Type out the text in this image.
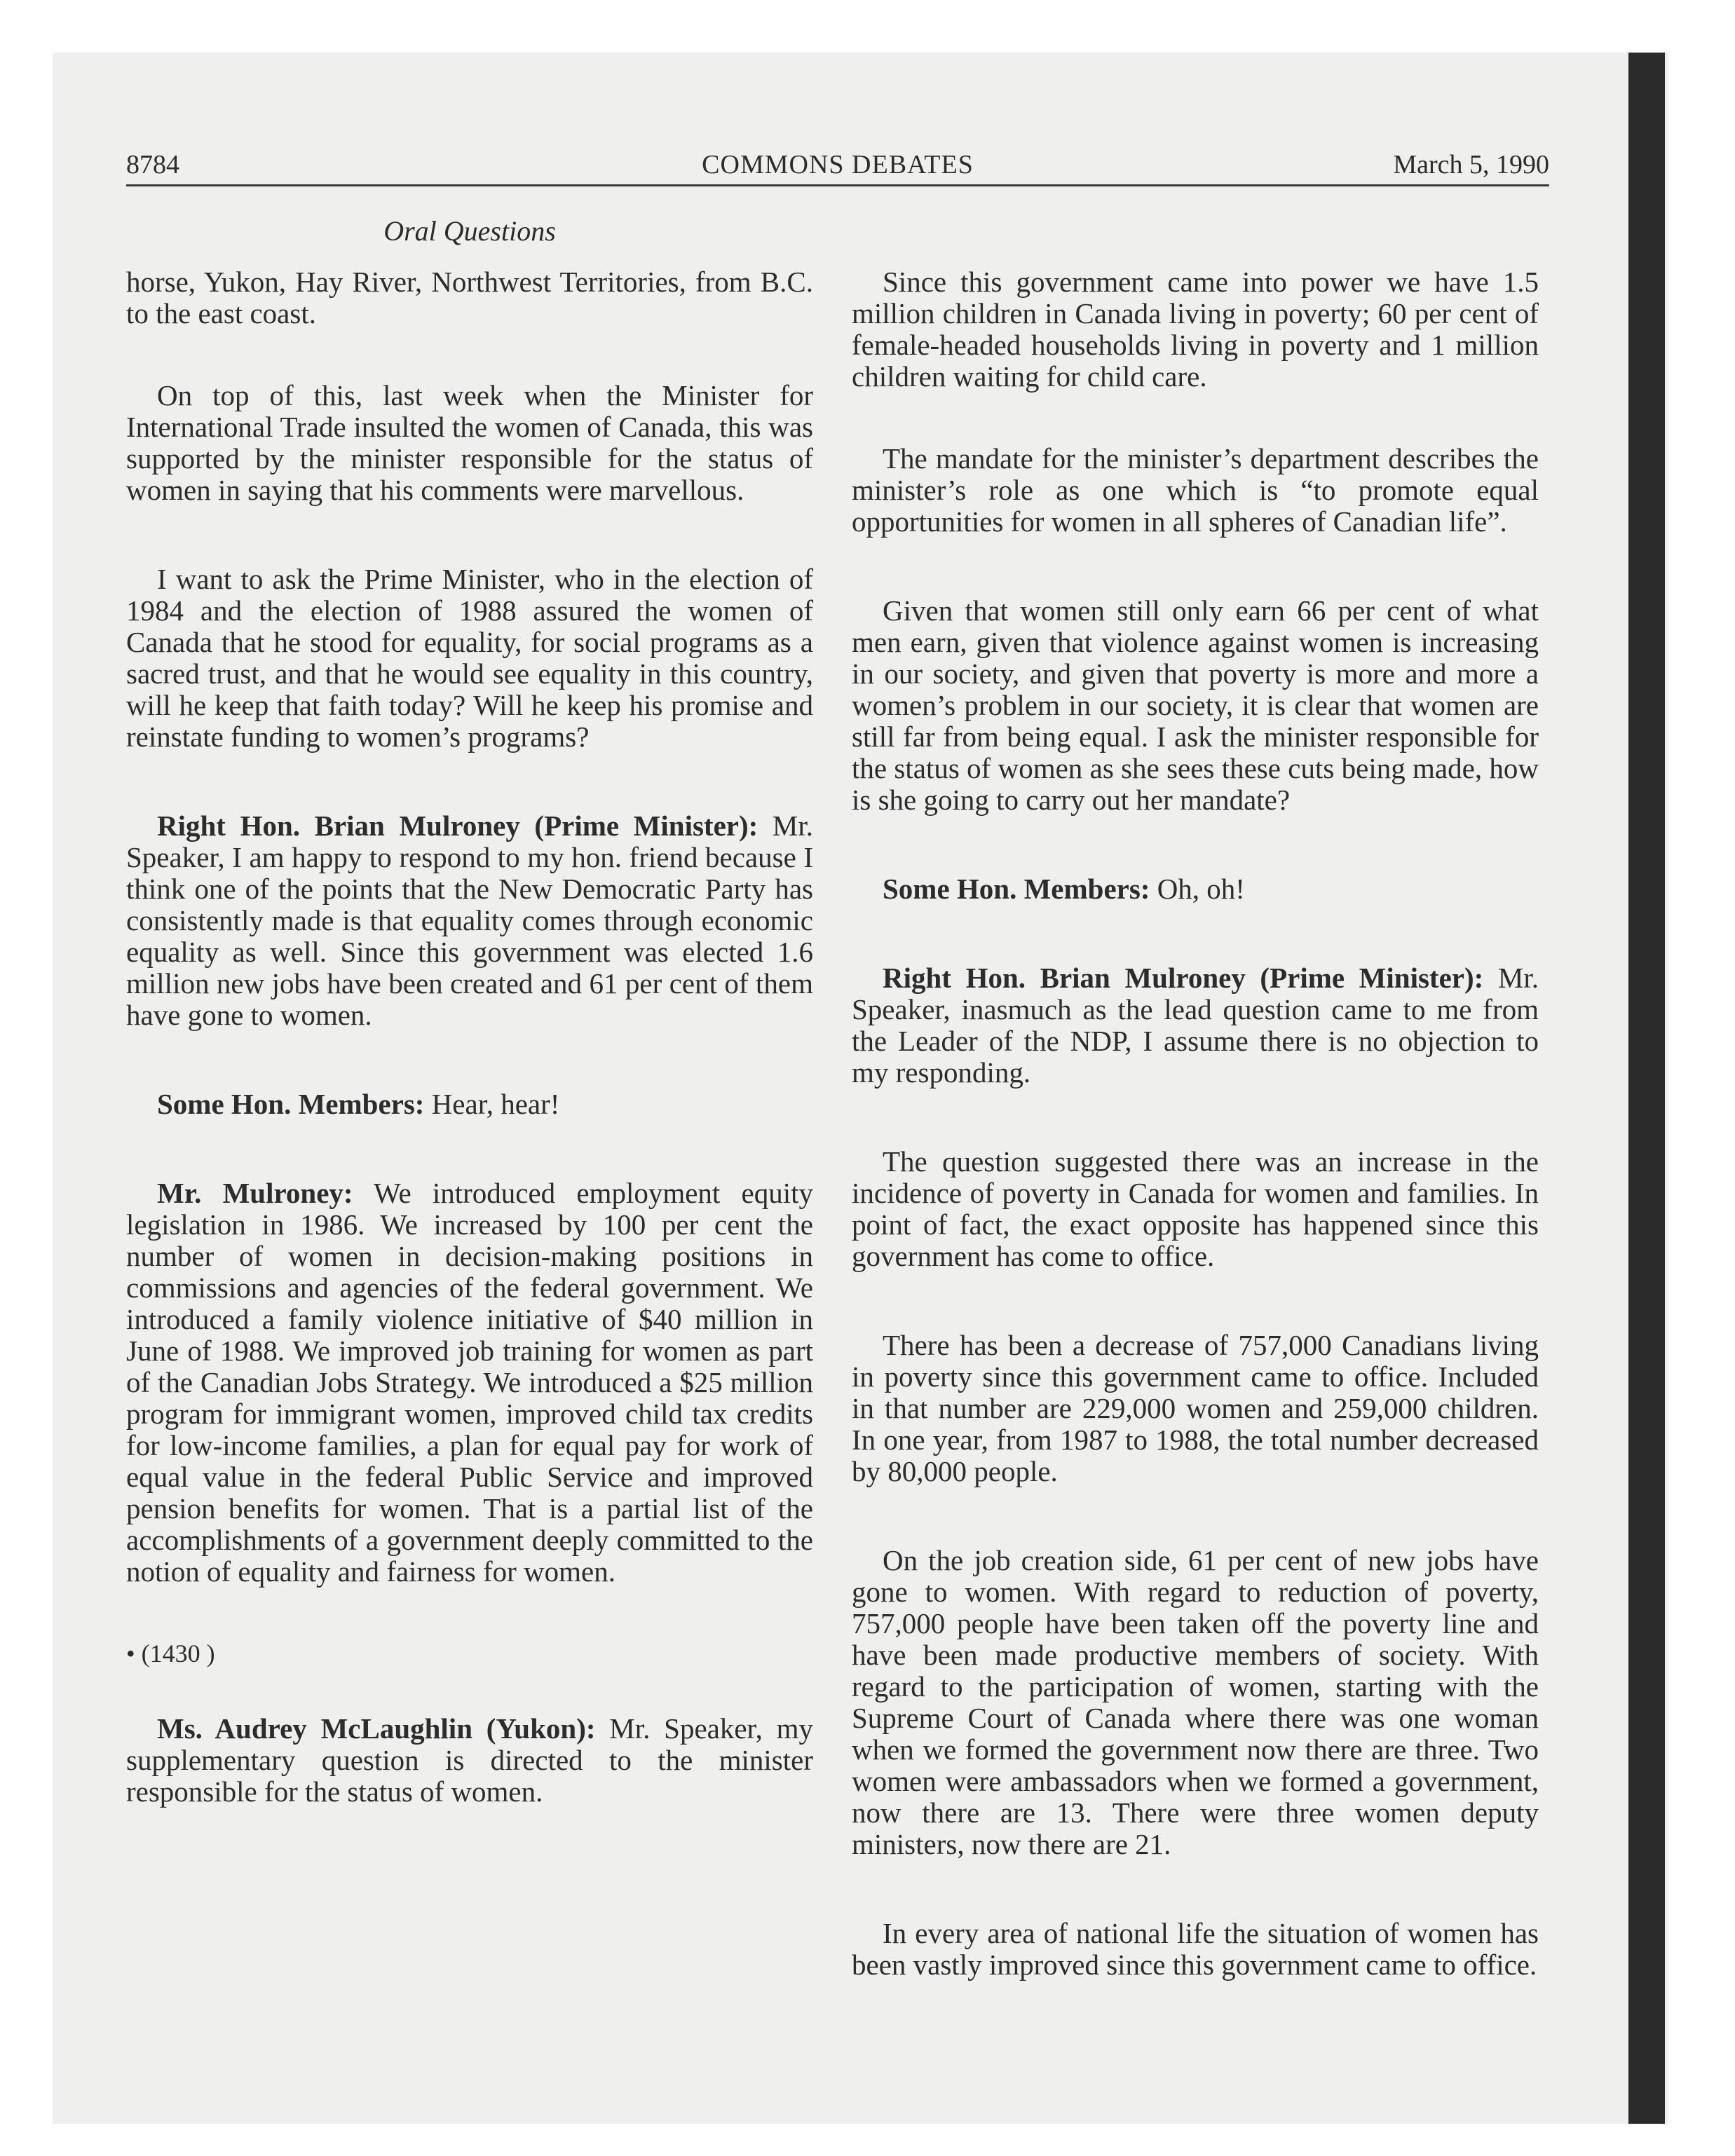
8784	COMMONS DEBATES	March 5, 1990
Oral Questions

horse, Yukon, Hay River, Northwest Territories, from B.C. to the east coast.

On top of this, last week when the Minister for International Trade insulted the women of Canada, this was supported by the minister responsible for the status of women in saying that his comments were marvellous.

I want to ask the Prime Minister, who in the election of 1984 and the election of 1988 assured the women of Canada that he stood for equality, for social programs as a sacred trust, and that he would see equality in this country, will he keep that faith today? Will he keep his promise and reinstate funding to women’s programs?

Right Hon. Brian Mulroney (Prime Minister): Mr. Speaker, I am happy to respond to my hon. friend because I think one of the points that the New Democratic Party has consistently made is that equality comes through economic equality as well. Since this government was elected 1.6 million new jobs have been created and 61 per cent of them have gone to women.

Some Hon. Members: Hear, hear!

Mr. Mulroney: We introduced employment equity legislation in 1986. We increased by 100 per cent the number of women in decision-making positions in commissions and agencies of the federal government. We introduced a family violence initiative of $40 million in June of 1988. We improved job training for women as part of the Canadian Jobs Strategy. We introduced a $25 million program for immigrant women, improved child tax credits for low-income families, a plan for equal pay for work of equal value in the federal Public Service and improved pension benefits for women. That is a partial list of the accomplishments of a government deeply committed to the notion of equality and fairness for women.

• (1430 )

Ms. Audrey McLaughlin (Yukon): Mr. Speaker, my supplementary question is directed to the minister responsible for the status of women.

Since this government came into power we have 1.5 million children in Canada living in poverty; 60 per cent of female-headed households living in poverty and 1 million children waiting for child care.

The mandate for the minister’s department describes the minister’s role as one which is “to promote equal opportunities for women in all spheres of Canadian life”.

Given that women still only earn 66 per cent of what men earn, given that violence against women is increasing in our society, and given that poverty is more and more a women’s problem in our society, it is clear that women are still far from being equal. I ask the minister responsible for the status of women as she sees these cuts being made, how is she going to carry out her mandate?

Some Hon. Members: Oh, oh!

Right Hon. Brian Mulroney (Prime Minister): Mr. Speaker, inasmuch as the lead question came to me from the Leader of the NDP, I assume there is no objection to my responding.

The question suggested there was an increase in the incidence of poverty in Canada for women and families. In point of fact, the exact opposite has happened since this government has come to office.

There has been a decrease of 757,000 Canadians living in poverty since this government came to office. Included in that number are 229,000 women and 259,000 children. In one year, from 1987 to 1988, the total number decreased by 80,000 people.

On the job creation side, 61 per cent of new jobs have gone to women. With regard to reduction of poverty, 757,000 people have been taken off the poverty line and have been made productive members of society. With regard to the participation of women, starting with the Supreme Court of Canada where there was one woman when we formed the government now there are three. Two women were ambassadors when we formed a government, now there are 13. There were three women deputy ministers, now there are 21.

In every area of national life the situation of women has been vastly improved since this government came to office.
